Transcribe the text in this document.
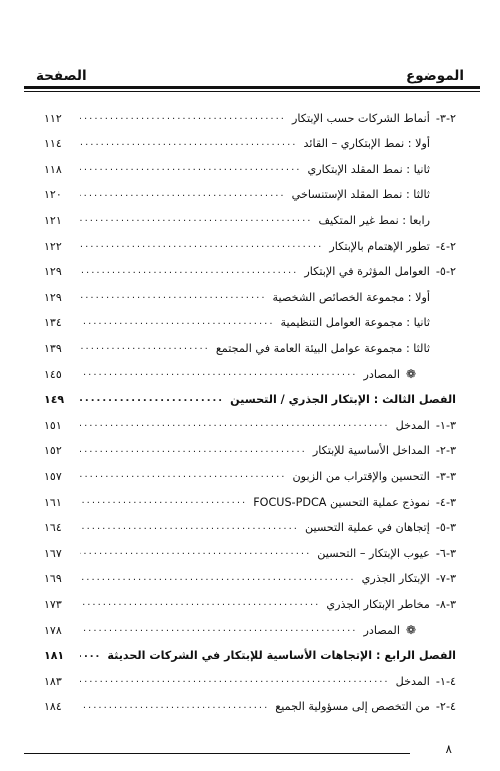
الموضوع
الصفحة
٢-٣-
أنماط الشركات حسب الإبتكار
.....
١١٢
أولا : نمط الإبتكاري – القائد
.....
١١٤
ثانيا : نمط المقلد الإبتكاري
.....
١١٨
ثالثا : نمط المقلد الإستنساخي
.....
١٢٠
رابعا : نمط غير المتكيف
.....
١٢١
٢-٤-
تطور الإهتمام بالإبتكار
.....
١٢٢
٢-٥-
العوامل المؤثرة في الإبتكار
.....
١٢٩
أولا : مجموعة الخصائص الشخصية
.....
١٢٩
ثانيا : مجموعة العوامل التنظيمية
.....
١٣٤
ثالثا : مجموعة عوامل البيئة العامة في المجتمع
.....
١٣٩
❁
المصادر
.....
١٤٥
الفصل الثالث : الإبتكار الجذري / التحسين
.....
١٤٩
٣-١-
المدخل
.....
١٥١
٣-٢-
المداخل الأساسية للإبتكار
.....
١٥٢
٣-٣-
التحسين والإقتراب من الزبون
.....
١٥٧
٣-٤-
نموذج عملية التحسين FOCUS-PDCA
.....
١٦١
٣-٥-
إتجاهان في عملية التحسين
.....
١٦٤
٣-٦-
عيوب الإبتكار – التحسين
.....
١٦٧
٣-٧-
الإبتكار الجذري
.....
١٦٩
٣-٨-
مخاطر الإبتكار الجذري
.....
١٧٣
❁
المصادر
.....
١٧٨
الفصل الرابع : الإتجاهات الأساسية للإبتكار في الشركات الحديثة
.....
١٨١
٤-١-
المدخل
.....
١٨٣
٤-٢-
من التخصص إلى مسؤولية الجميع
.....
١٨٤
٨
